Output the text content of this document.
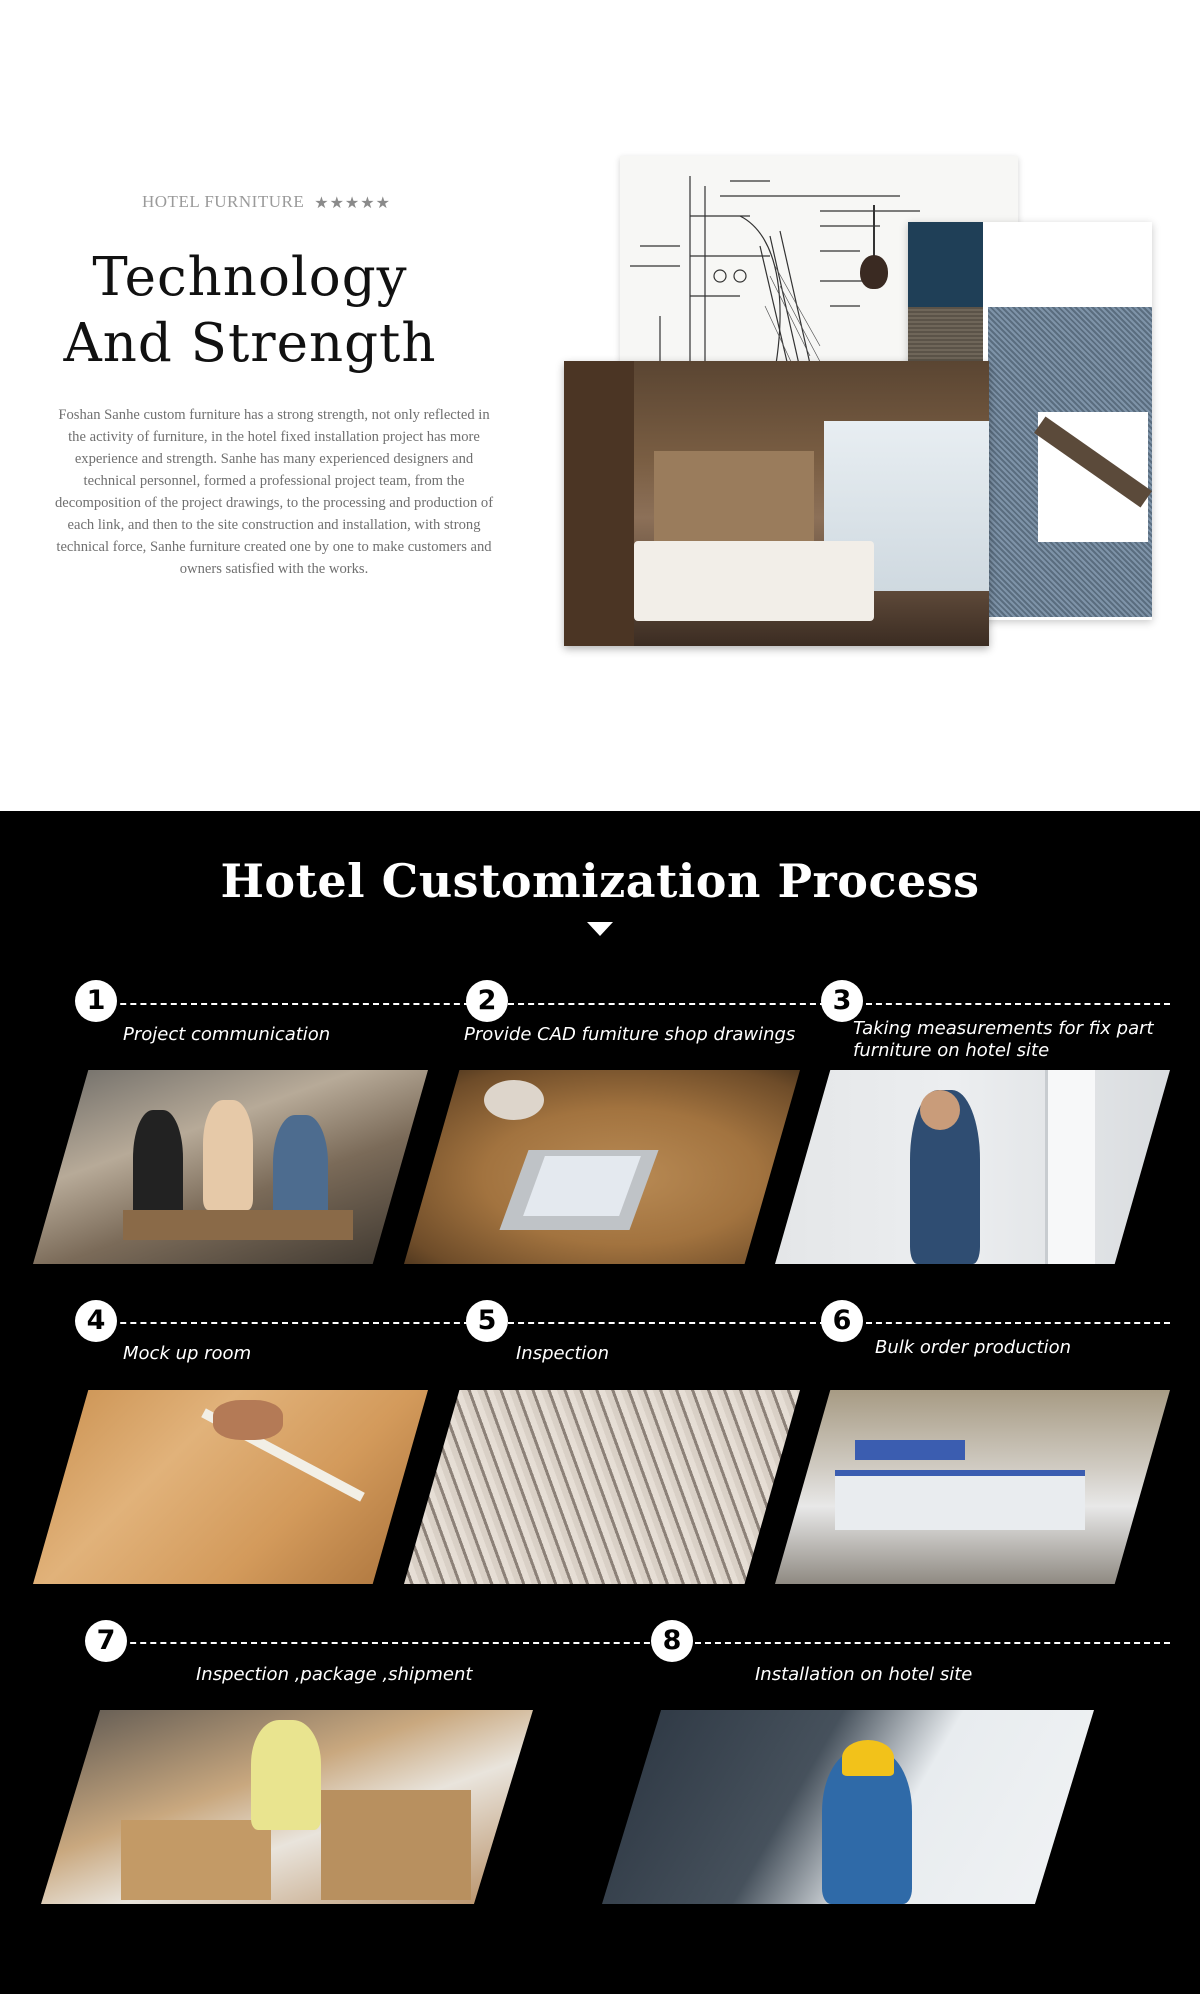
HOTEL FURNITURE ★★★★★
Technology
And Strength

Foshan Sanhe custom furniture has a strong strength, not only reflected in the activity of furniture, in the hotel fixed installation project has more experience and strength. Sanhe has many experienced designers and technical personnel, formed a professional project team, from the decomposition of the project drawings, to the processing and production of each link, and then to the site construction and installation, with strong technical force, Sanhe furniture created one by one to make customers and owners satisfied with the works.

Hotel Customization Process
1
Project communication
2
Provide CAD fumiture shop drawings
3
Taking measurements for fix part
furniture on hotel site
4
Mock up room
5
Inspection
6
Bulk order production
7
Inspection ,package ,shipment
8
Installation on hotel site
